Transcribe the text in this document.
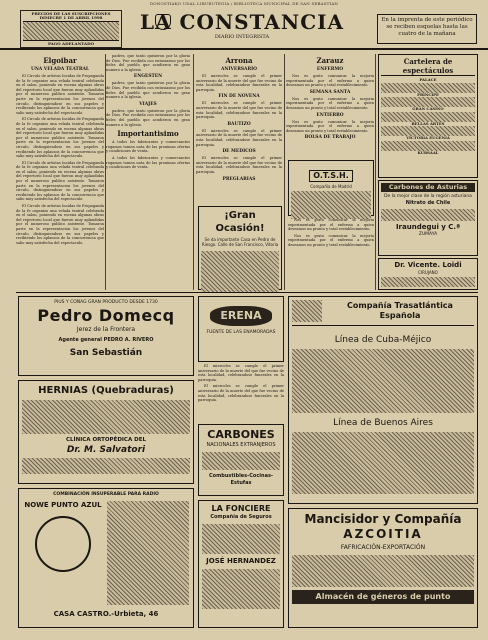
DONOSTIAKO UDAL LIBURUTEGIA / BIBLIOTECA MUNICIPAL DE SAN SEBASTIAN
PRECIOS DE LAS SUSCRIPCIONES
DIMECRE 1 DE ABRIL 1998
PAGO ADELANTADO
LA CONSTANCIA
DIARIO INTEGRISTA
En la imprenta de este periódico se reciben esquelas hasta las cuatro de la mañana
Elgoibar
UNA VELADA TEATRAL

El Circulo de artistas Incidas de Propaganda de la fe organizo una velada teatral celebrada en el salon, poniendo en escena algunas obras del repertorio local que fueron muy aplaudidas por el numeroso publico asistente. Tomaron parte en la representacion los jovenes del circulo, distinguiendose en sus papeles y recibiendo los aplausos de la concurrencia que salio muy satisfecha del espectaculo.

El Circulo de artistas Incidas de Propaganda de la fe organizo una velada teatral celebrada en el salon, poniendo en escena algunas obras del repertorio local que fueron muy aplaudidas por el numeroso publico asistente. Tomaron parte en la representacion los jovenes del circulo, distinguiendose en sus papeles y recibiendo los aplausos de la concurrencia que salio muy satisfecha del espectaculo.

El Circulo de artistas Incidas de Propaganda de la fe organizo una velada teatral celebrada en el salon, poniendo en escena algunas obras del repertorio local que fueron muy aplaudidas por el numeroso publico asistente. Tomaron parte en la representacion los jovenes del circulo, distinguiendose en sus papeles y recibiendo los aplausos de la concurrencia que salio muy satisfecha del espectaculo.

El Circulo de artistas Incidas de Propaganda de la fe organizo una velada teatral celebrada en el salon, poniendo en escena algunas obras del repertorio local que fueron muy aplaudidas por el numeroso publico asistente. Tomaron parte en la representacion los jovenes del circulo, distinguiendose en sus papeles y recibiendo los aplausos de la concurrencia que salio muy satisfecha del espectaculo.

padres, que tanto quisieron por la gloria de Dios. Fue recibida con entusiasmo por los fieles del pueblo que acudieron en gran numero a la iglesia.

ENGESTEN

padres, que tanto quisieron por la gloria de Dios. Fue recibida con entusiasmo por los fieles del pueblo que acudieron en gran numero a la iglesia.

VIAJES

padres, que tanto quisieron por la gloria de Dios. Fue recibida con entusiasmo por los fieles del pueblo que acudieron en gran numero a la iglesia.

Importantisimo

A todos los fabricantes y comerciantes rogamos tomen nota de las proximas ofertas y condiciones de venta.

A todos los fabricantes y comerciantes rogamos tomen nota de las proximas ofertas y condiciones de venta.

Arrona
ANIVERSARIO

El miercoles se cumple el primer aniversario de la muerte del que fue vecino de esta localidad, celebrandose funerales en la parroquia.

FIN DE NOVENA

El miercoles se cumple el primer aniversario de la muerte del que fue vecino de esta localidad, celebrandose funerales en la parroquia.

BAUTIZO

El miercoles se cumple el primer aniversario de la muerte del que fue vecino de esta localidad, celebrandose funerales en la parroquia.

DE MEDICOS

El miercoles se cumple el primer aniversario de la muerte del que fue vecino de esta localidad, celebrandose funerales en la parroquia.

PREGLARIAS
¡Gran Ocasión!
Se da importante Casa en Pedro de Riesgo. Calle de San Francisco, Vitoria
Zarauz
ENFERMO

Nos es grato comunicar la mejoria experimentada por el enfermo a quien deseamos un pronto y total restablecimiento.

SEMANA SANTA

Nos es grato comunicar la mejoria experimentada por el enfermo a quien deseamos un pronto y total restablecimiento.

ENTIERRO

Nos es grato comunicar la mejoria experimentada por el enfermo a quien deseamos un pronto y total restablecimiento.

BOLSA DE TRABAJO
O.T.S.H.
Compañía de Madrid

Nos es grato comunicar la mejoria experimentada por el enfermo a quien deseamos un pronto y total restablecimiento.

Nos es grato comunicar la mejoria experimentada por el enfermo a quien deseamos un pronto y total restablecimiento.

Cartelera de espectáculos
PALACE
PRINCIPE
GRAN CASINO
BELLAS ARTES
VICTORIA EUGENIA
KURSAAL
Carbones de Asturias
De la mejor clase de la región asturiana
Nitrato de Chile
Iraundegui y C.ª
ZUMAYA
Dr. Vicente. Loidi
CIRUJANO
PIUS Y COÑAG GRAN PRODUCTO DESDE 1730
Pedro Domecq
Jerez de la Frontera
Agente general PEDRO A. RIVERO
San Sebastián
HERNIAS (Quebraduras)
CLÍNICA ORTOPÉDICA DEL
Dr. M. Salvatori
COMBINACIÓN INSUPERABLE PARA RADIO
NOWE PUNTO AZUL
CASA CASTRO.-Urbieta, 46
ERENA
FUENTE DE LAS ENAMORADAS

El miercoles se cumple el primer aniversario de la muerte del que fue vecino de esta localidad, celebrandose funerales en la parroquia.

El miercoles se cumple el primer aniversario de la muerte del que fue vecino de esta localidad, celebrandose funerales en la parroquia.

CARBONES
NACIONALES EXTRANJEROS
Combustibles-Cocinas-Estufas
LA FONCIERE
Compañía de Seguros
JOSÉ HERNANDEZ
Compañía Trasatlántica Española
Línea de Cuba-Méjico
Línea de Buenos Aires
Mancisidor y Compañía
AZCOITIA
FAFRICACIÓN-EXPORTACIÓN
Almacén de géneros de punto
